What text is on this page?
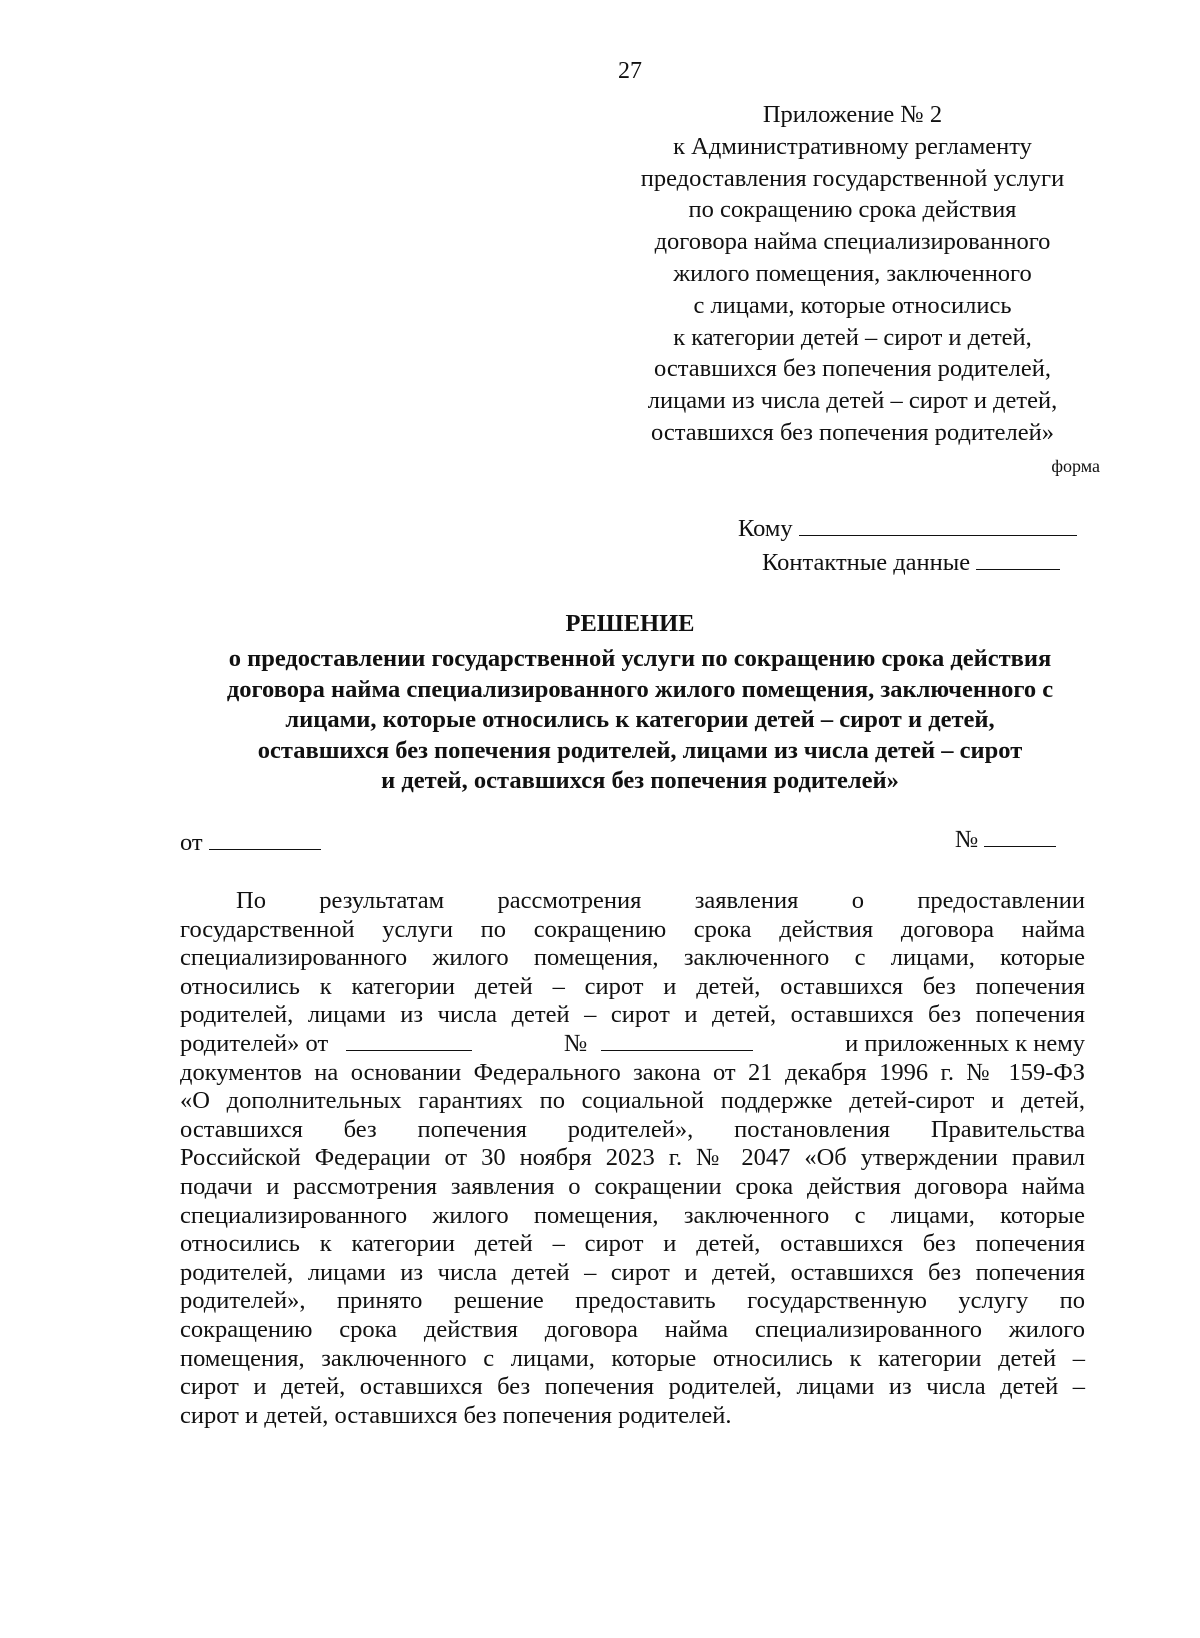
27
Приложение № 2
к Административному регламенту
предоставления государственной услуги
по сокращению срока действия
договора найма специализированного
жилого помещения, заключенного
с лицами, которые относились
к категории детей – сирот и детей,
оставшихся без попечения родителей,
лицами из числа детей – сирот и детей,
оставшихся без попечения родителей»
форма
Кому
Контактные данные
РЕШЕНИЕ
о предоставлении государственной услуги по сокращению срока действия
договора найма специализированного жилого помещения, заключенного с
лицами, которые относились к категории детей – сирот и детей,
оставшихся без попечения родителей, лицами из числа детей – сирот
и детей, оставшихся без попечения родителей»
от	№
По результатам рассмотрения заявления о предоставлении
государственной услуги по сокращению срока действия договора найма
специализированного жилого помещения, заключенного с лицами, которые
относились к категории детей – сирот и детей, оставшихся без попечения
родителей, лицами из числа детей – сирот и детей, оставшихся без попечения
родителей» от	№	и приложенных к нему
документов на основании Федерального закона от 21 декабря 1996 г. № 159-ФЗ
«О дополнительных гарантиях по социальной поддержке детей-сирот и детей,
оставшихся без попечения родителей», постановления Правительства
Российской Федерации от 30 ноября 2023 г. № 2047 «Об утверждении правил
подачи и рассмотрения заявления о сокращении срока действия договора найма
специализированного жилого помещения, заключенного с лицами, которые
относились к категории детей – сирот и детей, оставшихся без попечения
родителей, лицами из числа детей – сирот и детей, оставшихся без попечения
родителей», принято решение предоставить государственную услугу по
сокращению срока действия договора найма специализированного жилого
помещения, заключенного с лицами, которые относились к категории детей –
сирот и детей, оставшихся без попечения родителей, лицами из числа детей –
сирот и детей, оставшихся без попечения родителей.
